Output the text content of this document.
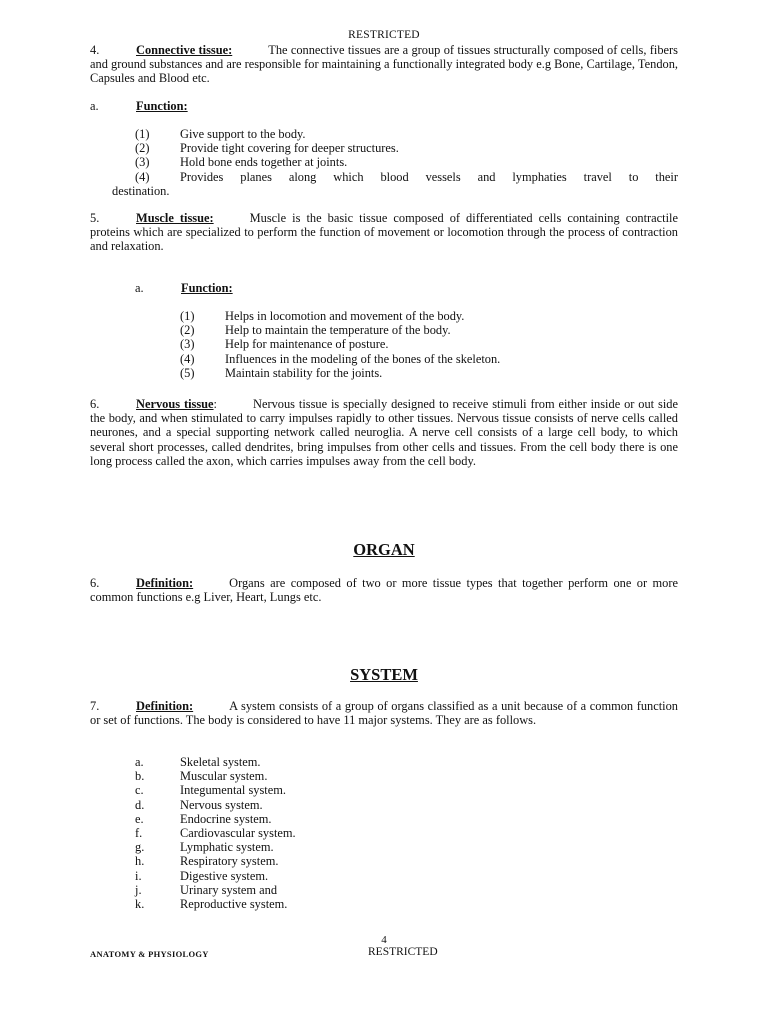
RESTRICTED

4.	Connective tissue:	The connective tissues are a group of tissues structurally composed of cells, fibers and ground substances and are responsible for maintaining a functionally integrated body e.g Bone, Cartilage, Tendon, Capsules and Blood etc.

a.	Function:

(1)	Give support to the body.
(2)	Provide tight covering for deeper structures.
(3)	Hold bone ends together at joints.
(4)	Provides planes along which blood vessels and lymphaties travel to their
destination.

5.	Muscle tissue:	Muscle is the basic tissue composed of differentiated cells containing contractile proteins which are specialized to perform the function of movement or locomotion through the process of contraction and relaxation.

a.	Function:

(1)	Helps in locomotion and movement of the body.
(2)	Help to maintain the temperature of the body.
(3)	Help for maintenance of posture.
(4)	Influences in the modeling of the bones of the skeleton.
(5)	Maintain stability for the joints.

6.	Nervous tissue:	Nervous tissue is specially designed to receive stimuli from either inside or out side the body, and when stimulated to carry impulses rapidly to other tissues. Nervous tissue consists of nerve cells called neurones, and a special supporting network called neuroglia. A nerve cell consists of a large cell body, to which several short processes, called dendrites, bring impulses from other cells and tissues. From the cell body there is one long process called the axon, which carries impulses away from the cell body.

ORGAN

6.	Definition:	Organs are composed of two or more tissue types that together perform one or more common functions e.g Liver, Heart, Lungs etc.

SYSTEM

7.	Definition:	A system consists of a group of organs classified as a unit because of a common function or set of functions. The body is considered to have 11 major systems. They are as follows.

a.	Skeletal system.
b.	Muscular system.
c.	Integumental system.
d.	Nervous system.
e.	Endocrine system.
f.	Cardiovascular system.
g.	Lymphatic system.
h.	Respiratory system.
i.	Digestive system.
j.	Urinary system and
k.	Reproductive system.
4
ANATOMY & PHYSIOLOGY	RESTRICTED
